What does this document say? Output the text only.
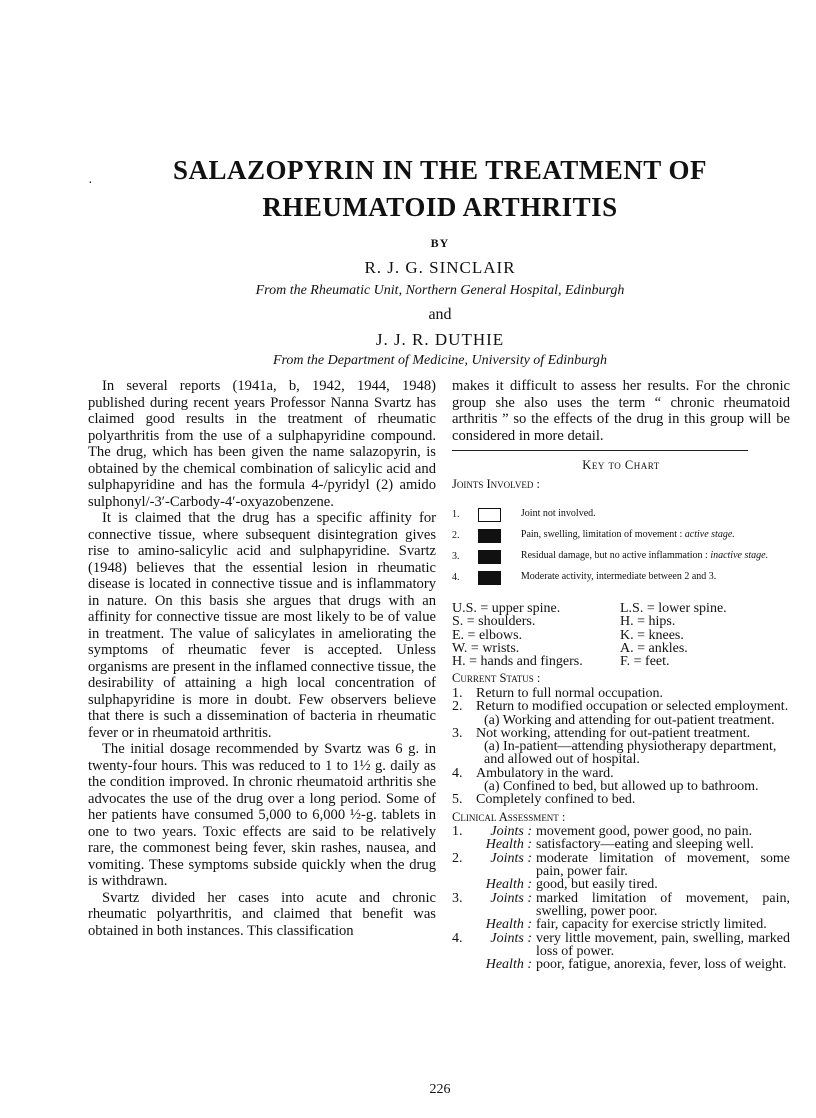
·	SALAZOPYRIN IN THE TREATMENT OF
RHEUMATOID ARTHRITIS
BY
R. J. G. SINCLAIR
From the Rheumatic Unit, Northern General Hospital, Edinburgh
and
J. J. R. DUTHIE
From the Department of Medicine, University of Edinburgh

In several reports (1941a, b, 1942, 1944, 1948) published during recent years Professor Nanna Svartz has claimed good results in the treatment of rheumatic polyarthritis from the use of a sulphapyridine compound. The drug, which has been given the name salazopyrin, is obtained by the chemical combination of salicylic acid and sulphapyridine and has the formula 4-/pyridyl (2) amido sulphonyl/-3′-Carbody-4′-oxyazobenzene.

It is claimed that the drug has a specific affinity for connective tissue, where subsequent disintegration gives rise to amino-salicylic acid and sulphapyridine. Svartz (1948) believes that the essential lesion in rheumatic disease is located in connective tissue and is inflammatory in nature. On this basis she argues that drugs with an affinity for connective tissue are most likely to be of value in treatment. The value of salicylates in ameliorating the symptoms of rheumatic fever is accepted. Unless organisms are present in the inflamed connective tissue, the desirability of attaining a high local concentration of sulphapyridine is more in doubt. Few observers believe that there is such a dissemination of bacteria in rheumatic fever or in rheumatoid arthritis.

The initial dosage recommended by Svartz was 6 g. in twenty-four hours. This was reduced to 1 to 1½ g. daily as the condition improved. In chronic rheumatoid arthritis she advocates the use of the drug over a long period. Some of her patients have consumed 5,000 to 6,000 ½-g. tablets in one to two years. Toxic effects are said to be relatively rare, the commonest being fever, skin rashes, nausea, and vomiting. These symptoms subside quickly when the drug is withdrawn.

Svartz divided her cases into acute and chronic rheumatic polyarthritis, and claimed that benefit was obtained in both instances. This classification

makes it difficult to assess her results. For the chronic group she also uses the term “ chronic rheumatoid arthritis ” so the effects of the drug in this group will be considered in more detail.

Key to Chart
Joints Involved :
1.	Joint not involved.
2.	Pain, swelling, limitation of movement : active stage.
3.	Residual damage, but no active inflammation : inactive stage.
4.	Moderate activity, intermediate between 2 and 3.
U.S. = upper spine.	L.S. = lower spine.
S. = shoulders.	H. = hips.
E. = elbows.	K. = knees.
W. = wrists.	A. = ankles.
H. = hands and fingers.	F. = feet.
Current Status :
1. Return to full normal occupation.
2. Return to modified occupation or selected employment.
(a) Working and attending for out-patient treatment.
3. Not working, attending for out-patient treatment.
(a) In-patient—attending physiotherapy department, and allowed out of hospital.
4. Ambulatory in the ward.
(a) Confined to bed, but allowed up to bathroom.
5. Completely confined to bed.
Clinical Assessment :
1.	Joints : movement good, power good, no pain.
Health : satisfactory—eating and sleeping well.
2.	Joints : moderate limitation of movement, some pain, power fair.
Health : good, but easily tired.
3.	Joints : marked limitation of movement, pain, swelling, power poor.
Health : fair, capacity for exercise strictly limited.
4.	Joints : very little movement, pain, swelling, marked loss of power.
Health : poor, fatigue, anorexia, fever, loss of weight.
226
